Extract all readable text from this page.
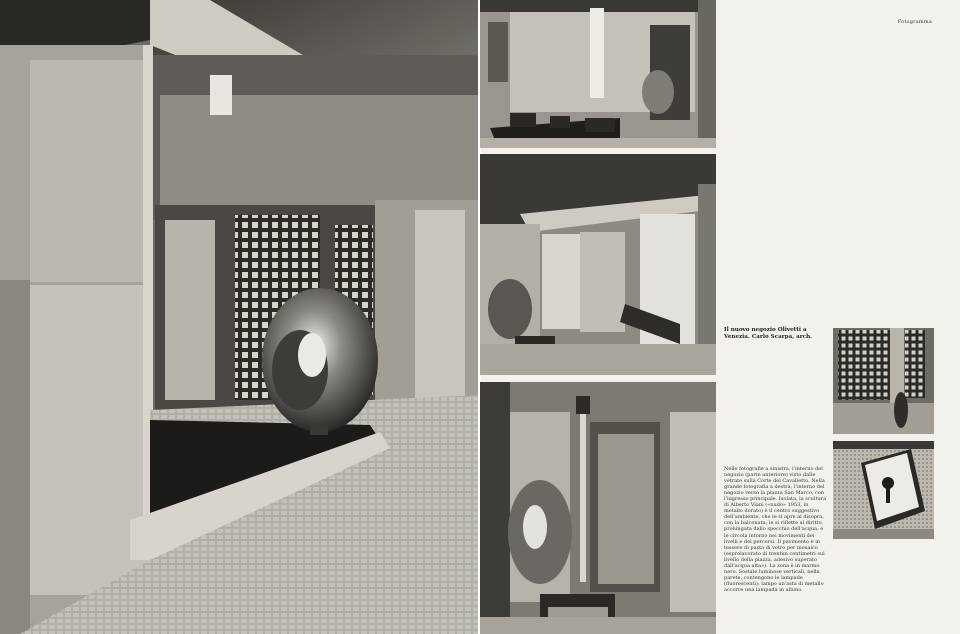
Fotogramma
Il nuovo negozio Olivetti a Venezia. Carlo Scarpa, arch.
Nelle fotografie a sinistra, l'interno del negozio (parte anteriore) visto dalle vetrate sulla Corte del Cavalletto. Nella grande fotografia a destra, l'interno del negozio verso la piazza San Marco, con l'ingresso principale. Isolata, la scultura di Alberto Viani («nudo» 1953, in metallo dorato) è il centro suggestivo dell'ambiente, che le si apre al disopra, con la balconata; le si riflette al diritto, prolungata dallo specchio dell'acqua, e le circola intorno nei movimenti dei livelli e dei percorsi. Il pavimento è in tessere di pasta di vetro per mosaico (esprolavorato di trentun centimetri sul livello della piazza, adesivo superato dall'acqua alta»). La zona è in marmo nero. Sostale luminose verticali, nella parete, contengono le lampade (fluorescenti): lampo un'asta di metallo accorre una lampada in alluno.
